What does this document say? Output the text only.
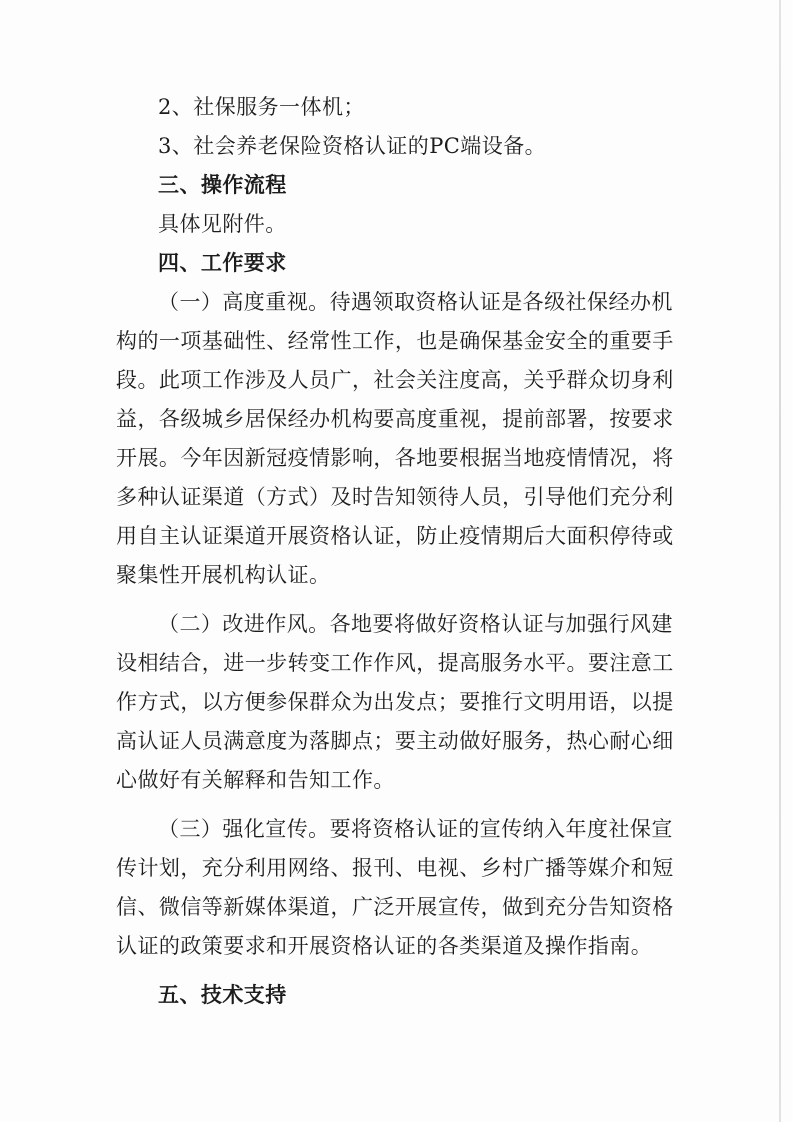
2、社保服务一体机；
3、社会养老保险资格认证的PC端设备。
三、操作流程
具体见附件。
四、工作要求
（一）高度重视。待遇领取资格认证是各级社保经办机
构的一项基础性、经常性工作，也是确保基金安全的重要手
段。此项工作涉及人员广，社会关注度高，关乎群众切身利
益，各级城乡居保经办机构要高度重视，提前部署，按要求
开展。今年因新冠疫情影响，各地要根据当地疫情情况，将
多种认证渠道（方式）及时告知领待人员，引导他们充分利
用自主认证渠道开展资格认证，防止疫情期后大面积停待或
聚集性开展机构认证。
（二）改进作风。各地要将做好资格认证与加强行风建
设相结合，进一步转变工作作风，提高服务水平。要注意工
作方式，以方便参保群众为出发点；要推行文明用语，以提
高认证人员满意度为落脚点；要主动做好服务，热心耐心细
心做好有关解释和告知工作。
（三）强化宣传。要将资格认证的宣传纳入年度社保宣
传计划，充分利用网络、报刊、电视、乡村广播等媒介和短
信、微信等新媒体渠道，广泛开展宣传，做到充分告知资格
认证的政策要求和开展资格认证的各类渠道及操作指南。
五、技术支持
